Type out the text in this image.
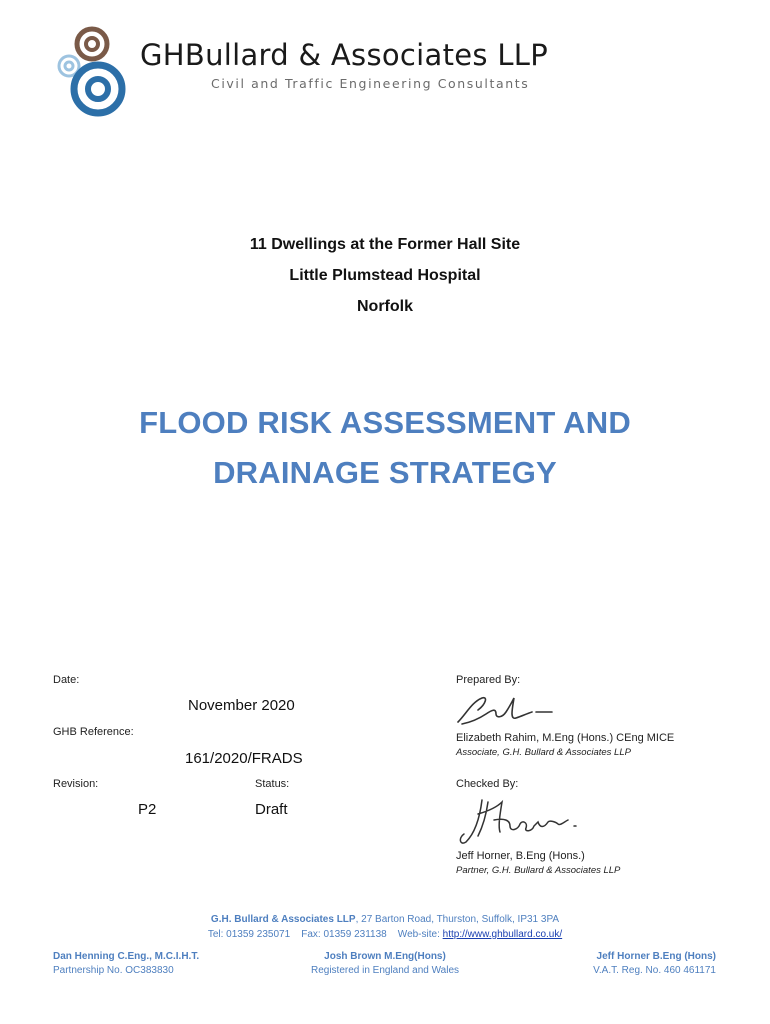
GHBullard & Associates LLP
Civil and Traffic Engineering Consultants
11 Dwellings at the Former Hall Site
Little Plumstead Hospital
Norfolk
FLOOD RISK ASSESSMENT AND
DRAINAGE STRATEGY
Date:
November 2020
GHB Reference:
161/2020/FRADS
Revision:
P2
Status:
Draft
Prepared By:
Elizabeth Rahim, M.Eng (Hons.) CEng MICE
Associate, G.H. Bullard & Associates LLP
Checked By:
Jeff Horner, B.Eng (Hons.)
Partner, G.H. Bullard & Associates LLP
G.H. Bullard & Associates LLP, 27 Barton Road, Thurston, Suffolk, IP31 3PA
Tel: 01359 235071    Fax: 01359 231138    Web-site: http://www.ghbullard.co.uk/
Dan Henning C.Eng., M.C.I.H.T.
Partnership No. OC383830
Josh Brown M.Eng(Hons)
Registered in England and Wales
Jeff Horner B.Eng (Hons)
V.A.T. Reg. No. 460 461171
